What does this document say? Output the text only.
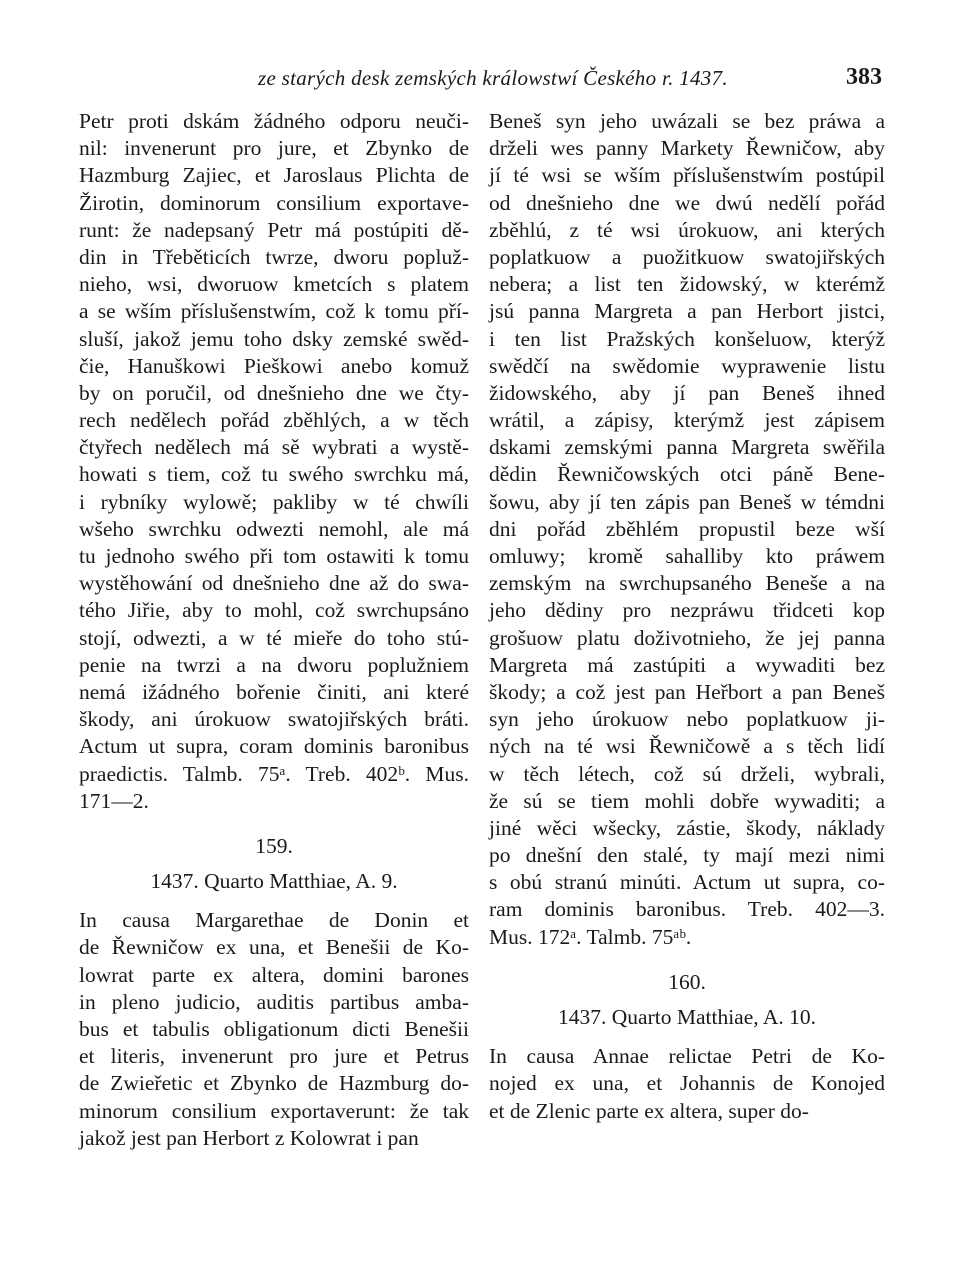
ze starých desk zemských králowstwí Českého r. 1437.	383
Petr proti dskám žádného odporu neuči-
nil: invenerunt pro jure, et Zbynko de
Hazmburg Zajiec, et Jaroslaus Plichta de
Žirotin, dominorum consilium exportave-
runt: že nadepsaný Petr má postúpiti dě-
din in Třeběticích twrze, dworu popluž-
nieho, wsi, dworuow kmetcích s platem
a se wším příslušenstwím, což k tomu pří-
sluší, jakož jemu toho dsky zemské swěd-
čie, Hanuškowi Pieškowi anebo komuž
by on poručil, od dnešnieho dne we čty-
rech nedělech pořád zběhlých, a w těch
čtyřech nedělech má sě wybrati a wystě-
howati s tiem, což tu swého swrchku má,
i rybníky wylowě; pakliby w té chwíli
wšeho swrchku odwezti nemohl, ale má
tu jednoho swého při tom ostawiti k tomu
wystěhowání od dnešnieho dne až do swa-
tého Jiřie, aby to mohl, což swrchupsáno
stojí, odwezti, a w té mieře do toho stú-
penie na twrzi a na dworu poplužniem
nemá ižádného bořenie činiti, ani které
škody, ani úrokuow swatojiřských bráti.
Actum ut supra, coram dominis baronibus
praedictis. Talmb. 75ᵃ. Treb. 402ᵇ. Mus.
171—2.
159.
1437. Quarto Matthiae, A. 9.
In causa Margarethae de Donin et
de Řewničow ex una, et Benešii de Ko-
lowrat parte ex altera, domini barones
in pleno judicio, auditis partibus amba-
bus et tabulis obligationum dicti Benešii
et literis, invenerunt pro jure et Petrus
de Zwieřetic et Zbynko de Hazmburg do-
minorum consilium exportaverunt: že tak
jakož jest pan Herbort z Kolowrat i pan
Beneš syn jeho uwázali se bez práwa a
drželi wes panny Markety Řewničow, aby
jí té wsi se wším příslušenstwím postúpil
od dnešnieho dne we dwú nedělí pořád
zběhlú, z té wsi úrokuow, ani kterých
poplatkuow a puožitkuow swatojiřských
nebera; a list ten židowský, w kterémž
jsú panna Margreta a pan Herbort jistci,
i ten list Pražských konšeluow, kterýž
swědčí na swědomie wyprawenie listu
židowského, aby jí pan Beneš ihned
wrátil, a zápisy, kterýmž jest zápisem
dskami zemskými panna Margreta swěřila
dědin Řewničowských otci páně Bene-
šowu, aby jí ten zápis pan Beneš w témdni
dni pořád zběhlém propustil beze wší
omluwy; kromě sahalliby kto práwem
zemským na swrchupsaného Beneše a na
jeho dědiny pro nezpráwu třidceti kop
grošuow platu doživotnieho, že jej panna
Margreta má zastúpiti a wywaditi bez
škody; a což jest pan Heřbort a pan Beneš
syn jeho úrokuow nebo poplatkuow ji-
ných na té wsi Řewničowě a s těch lidí
w těch létech, což sú drželi, wybrali,
že sú se tiem mohli dobře wywaditi; a
jiné wěci wšecky, zástie, škody, náklady
po dnešní den stalé, ty mají mezi nimi
s obú stranú minúti. Actum ut supra, co-
ram dominis baronibus. Treb. 402—3.
Mus. 172ᵃ. Talmb. 75ᵃᵇ.
160.
1437. Quarto Matthiae, A. 10.
In causa Annae relictae Petri de Ko-
nojed ex una, et Johannis de Konojed
et de Zlenic parte ex altera, super do-
